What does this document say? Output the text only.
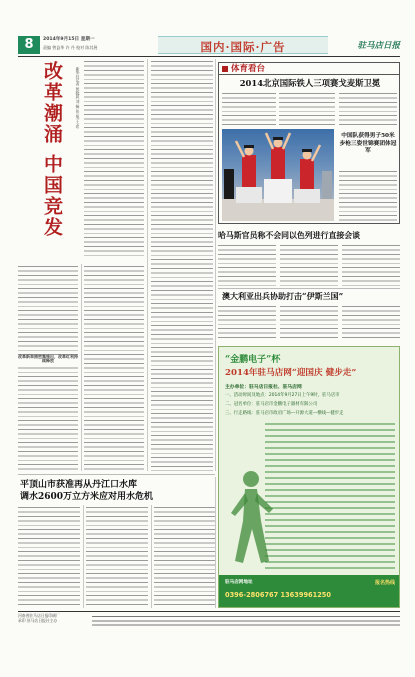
8	2014年9月15日 星期一
责编 曾益华 许 丹 校对 陈其展	国内·国际·广告	驻马店日报
改革潮涌 中国竞发	新华社记者 侯晓晨 刘 畅 张 旭 王 希
改革新举措密集推出，改革红利持续释放
体育看台
2014北京国际铁人三项赛戈麦斯卫冕
中国队获得男子50米步枪三姿世锦赛团体冠军
哈马斯官员称不会同以色列进行直接会谈
澳大利亚出兵协助打击“伊斯兰国”
“金鹏电子”杯
2014年驻马店网“迎国庆 健步走”
主办单位：驻马店日报社、驻马店网
一、活动时间及地点：2014年9月27日上午9时，驻马店市
二、冠名单位：驻马店市金鹏电子器材有限公司
三、行走路线：驻马店市政府广场—开源大道—横线—健步走
驻马店网地址	报名热线
0396-2806767 13639961250
平顶山市获准再从丹江口水库
调水2600万立方米应对用水危机
河南省驻马店日报印刷厂
承印 驻马店日报社主办
